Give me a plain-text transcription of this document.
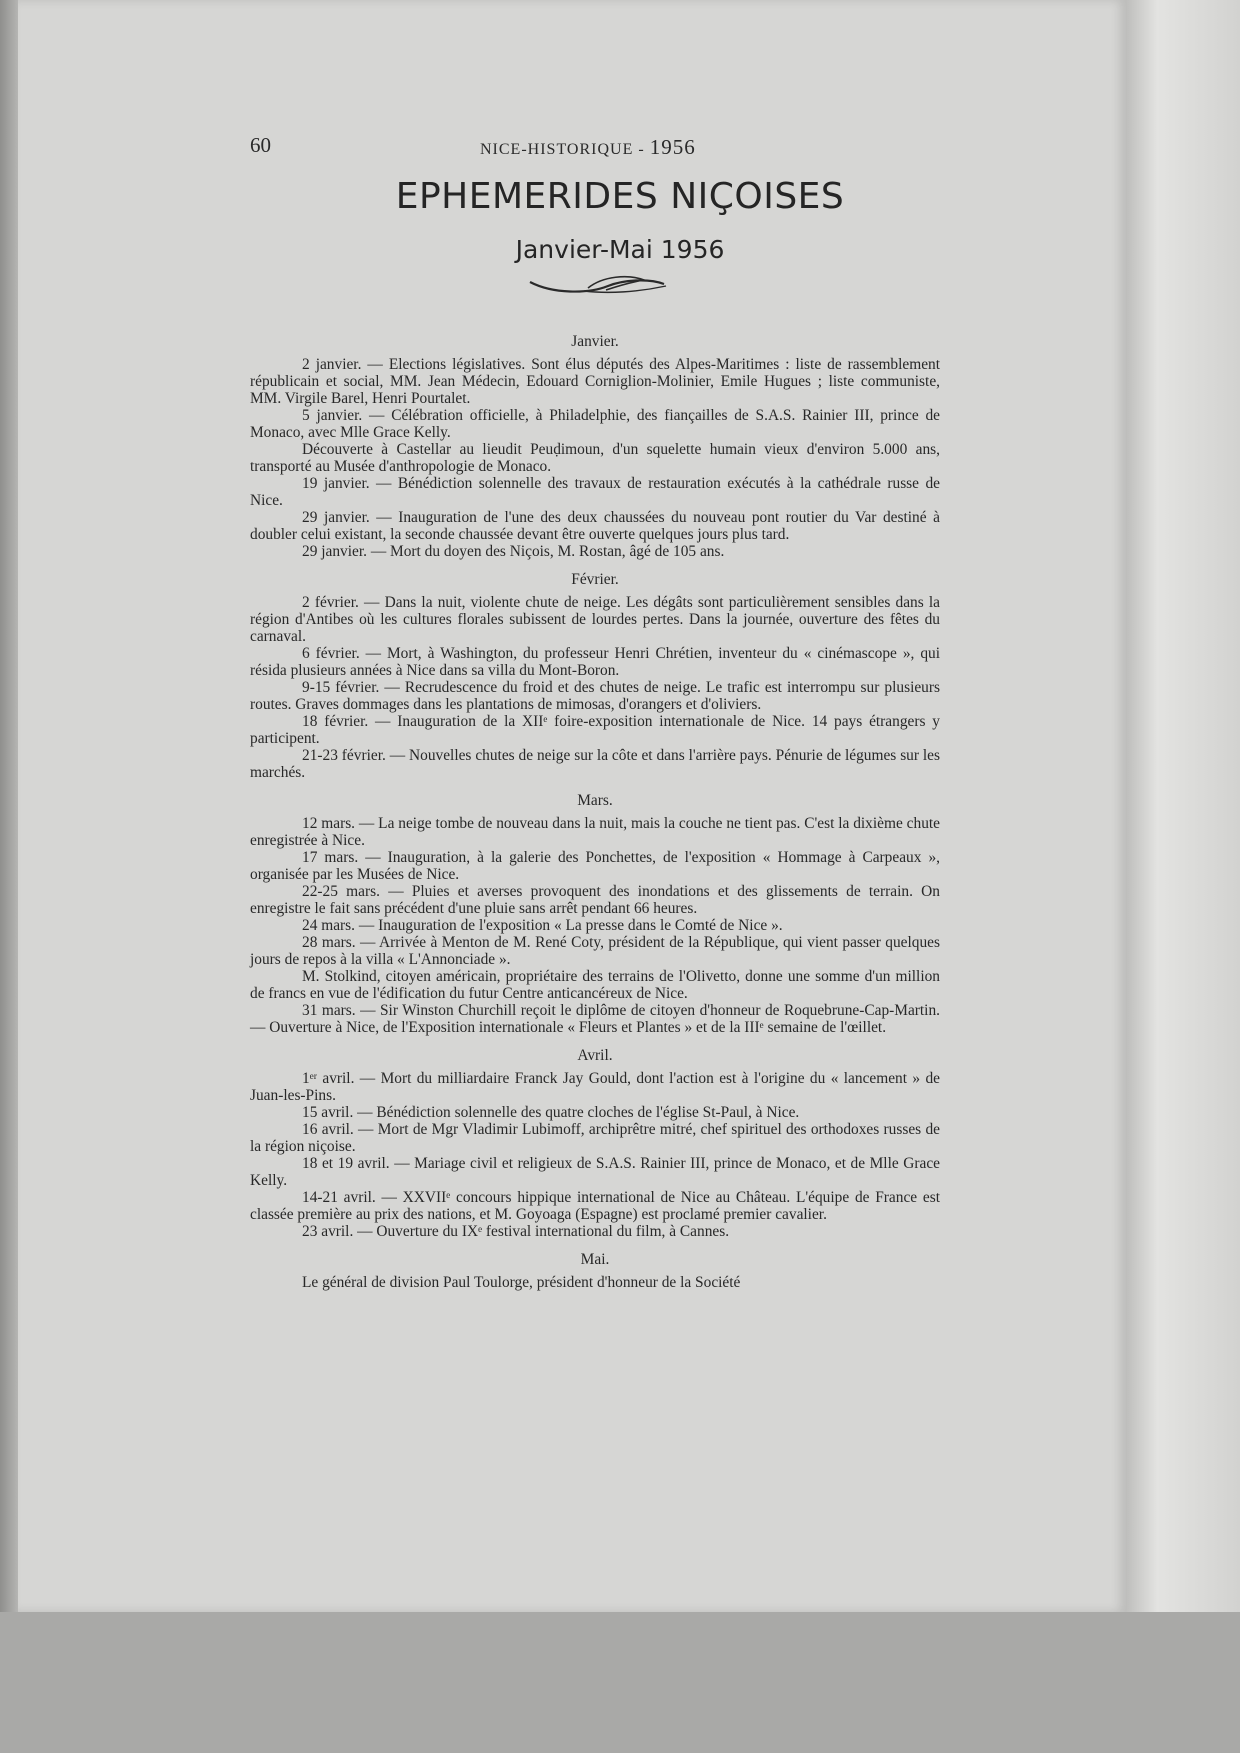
60	NICE-HISTORIQUE - 1956
EPHEMERIDES NIÇOISES
Janvier-Mai 1956
Janvier.

2 janvier. — Elections législatives. Sont élus députés des Alpes-Maritimes : liste de rassemblement républicain et social, MM. Jean Médecin, Edouard Corniglion-Molinier, Emile Hugues ; liste communiste, MM. Virgile Barel, Henri Pourtalet.

5 janvier. — Célébration officielle, à Philadelphie, des fiançailles de S.A.S. Rainier III, prince de Monaco, avec Mlle Grace Kelly.

Découverte à Castellar au lieudit Peuḍimoun, d'un squelette humain vieux d'environ 5.000 ans, transporté au Musée d'anthropologie de Monaco.

19 janvier. — Bénédiction solennelle des travaux de restauration exécutés à la cathédrale russe de Nice.

29 janvier. — Inauguration de l'une des deux chaussées du nouveau pont routier du Var destiné à doubler celui existant, la seconde chaussée devant être ouverte quelques jours plus tard.

29 janvier. — Mort du doyen des Niçois, M. Rostan, âgé de 105 ans.

Février.

2 février. — Dans la nuit, violente chute de neige. Les dégâts sont particulièrement sensibles dans la région d'Antibes où les cultures florales subissent de lourdes pertes. Dans la journée, ouverture des fêtes du carnaval.

6 février. — Mort, à Washington, du professeur Henri Chrétien, inventeur du « cinémascope », qui résida plusieurs années à Nice dans sa villa du Mont-Boron.

9-15 février. — Recrudescence du froid et des chutes de neige. Le trafic est interrompu sur plusieurs routes. Graves dommages dans les plantations de mimosas, d'orangers et d'oliviers.

18 février. — Inauguration de la XIIᵉ foire-exposition internationale de Nice. 14 pays étrangers y participent.

21-23 février. — Nouvelles chutes de neige sur la côte et dans l'arrière pays. Pénurie de légumes sur les marchés.

Mars.

12 mars. — La neige tombe de nouveau dans la nuit, mais la couche ne tient pas. C'est la dixième chute enregistrée à Nice.

17 mars. — Inauguration, à la galerie des Ponchettes, de l'exposition « Hommage à Carpeaux », organisée par les Musées de Nice.

22-25 mars. — Pluies et averses provoquent des inondations et des glissements de terrain. On enregistre le fait sans précédent d'une pluie sans arrêt pendant 66 heures.

24 mars. — Inauguration de l'exposition « La presse dans le Comté de Nice ».

28 mars. — Arrivée à Menton de M. René Coty, président de la République, qui vient passer quelques jours de repos à la villa « L'Annonciade ».

M. Stolkind, citoyen américain, propriétaire des terrains de l'Olivetto, donne une somme d'un million de francs en vue de l'édification du futur Centre anticancéreux de Nice.

31 mars. — Sir Winston Churchill reçoit le diplôme de citoyen d'honneur de Roquebrune-Cap-Martin. — Ouverture à Nice, de l'Exposition internationale « Fleurs et Plantes » et de la IIIᵉ semaine de l'œillet.

Avril.

1ᵉʳ avril. — Mort du milliardaire Franck Jay Gould, dont l'action est à l'origine du « lancement » de Juan-les-Pins.

15 avril. — Bénédiction solennelle des quatre cloches de l'église St-Paul, à Nice.

16 avril. — Mort de Mgr Vladimir Lubimoff, archiprêtre mitré, chef spirituel des orthodoxes russes de la région niçoise.

18 et 19 avril. — Mariage civil et religieux de S.A.S. Rainier III, prince de Monaco, et de Mlle Grace Kelly.

14-21 avril. — XXVIIᵉ concours hippique international de Nice au Château. L'équipe de France est classée première au prix des nations, et M. Goyoaga (Espagne) est proclamé premier cavalier.

23 avril. — Ouverture du IXᵉ festival international du film, à Cannes.

Mai.

Le général de division Paul Toulorge, président d'honneur de la Société
